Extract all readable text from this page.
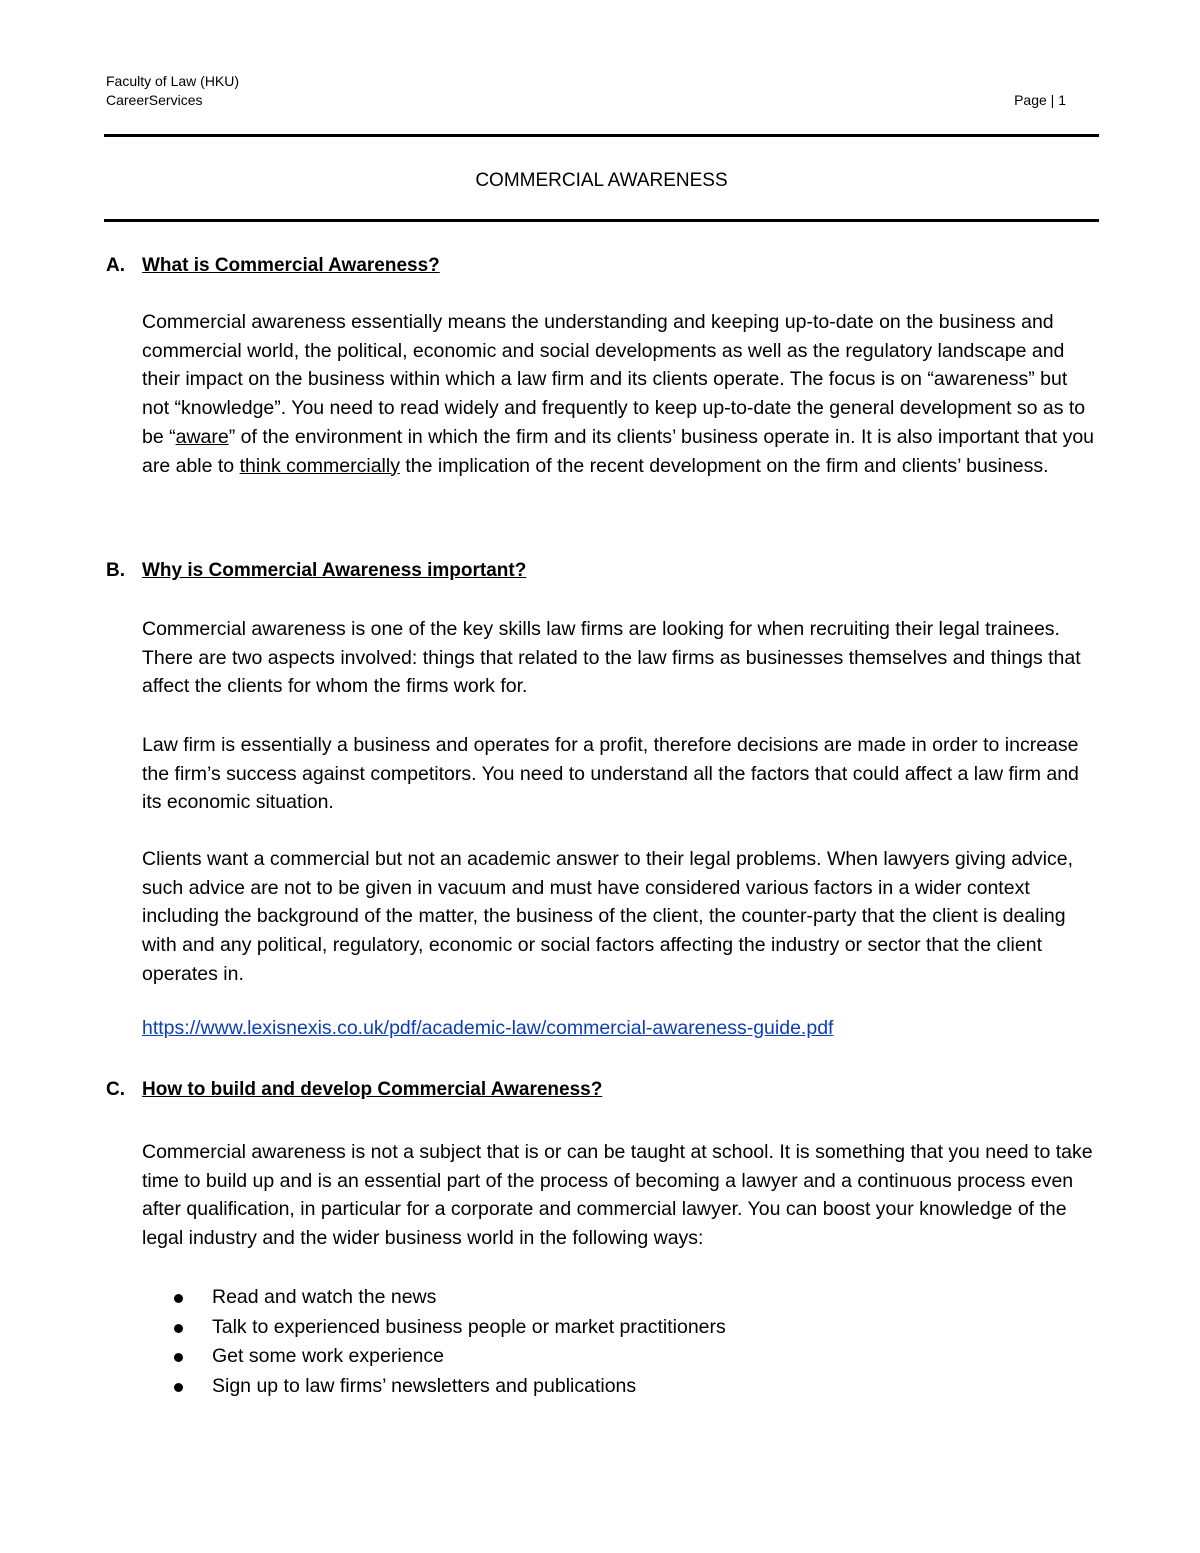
Faculty of Law (HKU)
CareerServices	Page | 1
COMMERCIAL AWARENESS
A. What is Commercial Awareness?
Commercial awareness essentially means the understanding and keeping up-to-date on the business and commercial world, the political, economic and social developments as well as the regulatory landscape and their impact on the business within which a law firm and its clients operate. The focus is on “awareness” but not “knowledge”. You need to read widely and frequently to keep up-to-date the general development so as to be “aware” of the environment in which the firm and its clients’ business operate in. It is also important that you are able to think commercially the implication of the recent development on the firm and clients’ business.
B. Why is Commercial Awareness important?
Commercial awareness is one of the key skills law firms are looking for when recruiting their legal trainees. There are two aspects involved: things that related to the law firms as businesses themselves and things that affect the clients for whom the firms work for.
Law firm is essentially a business and operates for a profit, therefore decisions are made in order to increase the firm’s success against competitors. You need to understand all the factors that could affect a law firm and its economic situation.
Clients want a commercial but not an academic answer to their legal problems. When lawyers giving advice, such advice are not to be given in vacuum and must have considered various factors in a wider context including the background of the matter, the business of the client, the counter-party that the client is dealing with and any political, regulatory, economic or social factors affecting the industry or sector that the client operates in.
https://www.lexisnexis.co.uk/pdf/academic-law/commercial-awareness-guide.pdf
C. How to build and develop Commercial Awareness?
Commercial awareness is not a subject that is or can be taught at school. It is something that you need to take time to build up and is an essential part of the process of becoming a lawyer and a continuous process even after qualification, in particular for a corporate and commercial lawyer. You can boost your knowledge of the legal industry and the wider business world in the following ways:
Read and watch the news
Talk to experienced business people or market practitioners
Get some work experience
Sign up to law firms’ newsletters and publications
